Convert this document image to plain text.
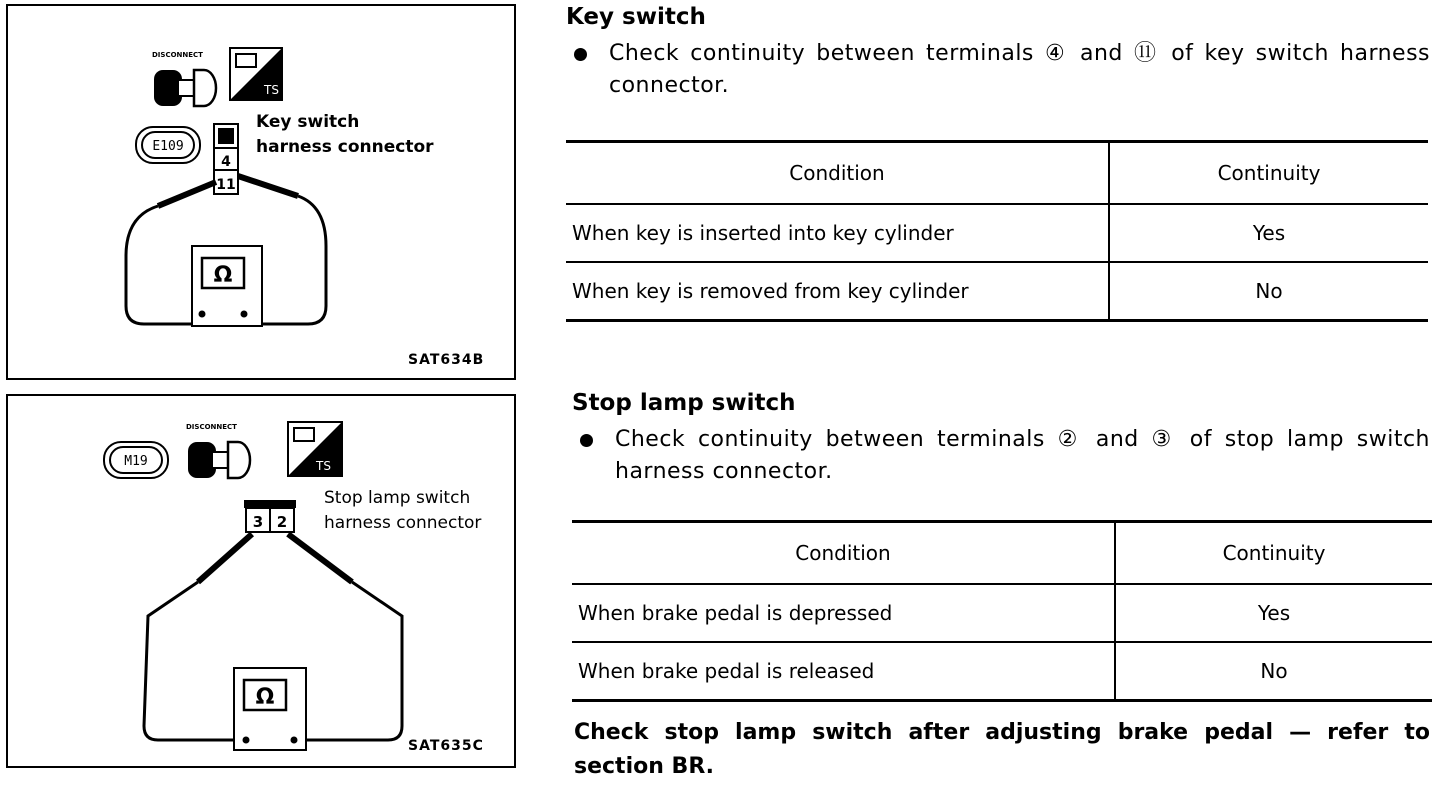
DISCONNECT
TS
E109
4
11
Ω
Key switch
harness connector
SAT634B
M19
DISCONNECT
TS
3 2
Ω
Stop lamp switch
harness connector
SAT635C
Key switch
Check continuity between terminals ④ and ⑪ of key switch harness connector.
Condition	Continuity
When key is inserted into key cylinder	Yes
When key is removed from key cylinder	No
Stop lamp switch
Check continuity between terminals ② and ③ of stop lamp switch harness connector.
Condition	Continuity
When brake pedal is depressed	Yes
When brake pedal is released	No

Check stop lamp switch after adjusting brake pedal — refer to section BR.
